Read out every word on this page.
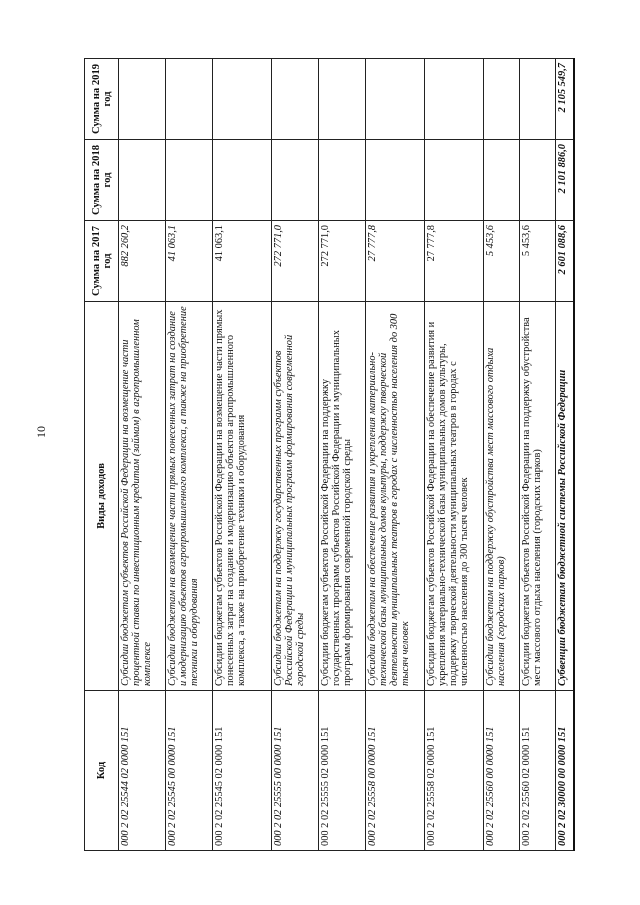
10
Код	Виды доходов	Сумма на 2017 год	Сумма на 2018 год	Сумма на 2019 год
000 2 02 25544 02 0000 151	Субсидии бюджетам субъектов Российской Федерации на возмещение части процентной ставки по инвестиционным кредитам (займам) в агропромышленном комплексе	882 260,2		
000 2 02 25545 00 0000 151	Субсидии бюджетам на возмещение части прямых понесенных затрат на создание и модернизацию объектов агропромышленного комплекса, а также на приобретение техники и оборудования	41 063,1		
000 2 02 25545 02 0000 151	Субсидии бюджетам субъектов Российской Федерации на возмещение части прямых понесенных затрат на создание и модернизацию объектов агропромышленного комплекса, а также на приобретение техники и оборудования	41 063,1		
000 2 02 25555 00 0000 151	Субсидии бюджетам на поддержку государственных программ субъектов Российской Федерации и муниципальных программ формирования современной городской среды	272 771,0		
000 2 02 25555 02 0000 151	Субсидии бюджетам субъектов Российской Федерации на поддержку государственных программ субъектов Российской Федерации и муниципальных программ формирования современной городской среды	272 771,0		
000 2 02 25558 00 0000 151	Субсидии бюджетам на обеспечение развития и укрепления материально-технической базы муниципальных домов культуры, поддержку творческой деятельности муниципальных театров в городах с численностью населения до 300 тысяч человек	27 777,8		
000 2 02 25558 02 0000 151	Субсидии бюджетам субъектов Российской Федерации на обеспечение развития и укрепления материально-технической базы муниципальных домов культуры, поддержку творческой деятельности муниципальных театров в городах с численностью населения до 300 тысяч человек	27 777,8		
000 2 02 25560 00 0000 151	Субсидии бюджетам на поддержку обустройства мест массового отдыха населения (городских парков)	5 453,6		
000 2 02 25560 02 0000 151	Субсидии бюджетам субъектов Российской Федерации на поддержку обустройства мест массового отдыха населения (городских парков)	5 453,6		
000 2 02 30000 00 0000 151	Субвенции бюджетам бюджетной системы Российской Федерации	2 601 088,6	2 101 886,0	2 105 549,7
